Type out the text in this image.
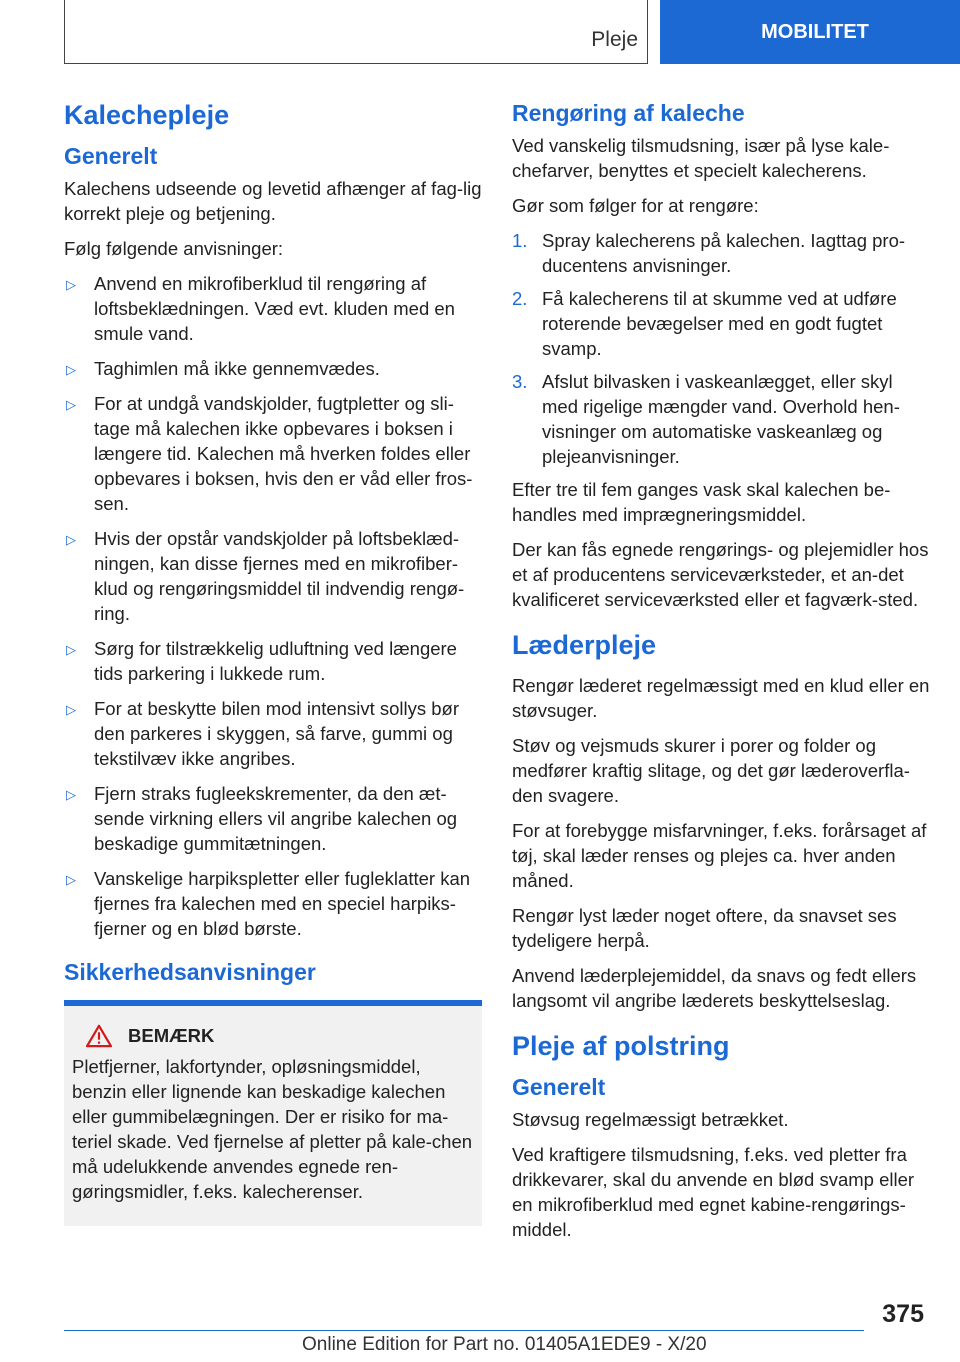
Pleje	MOBILITET
Kalechepleje
Generelt

Kalechens udseende og levetid afhænger af fag-lig korrekt pleje og betjening.

Følg følgende anvisninger:

▷ Anvend en mikrofiberklud til rengøring af loftsbeklædningen. Væd evt. kluden med en smule vand.
▷ Taghimlen må ikke gennemvædes.
▷ For at undgå vandskjolder, fugtpletter og sli-tage må kalechen ikke opbevares i boksen i længere tid. Kalechen må hverken foldes eller opbevares i boksen, hvis den er våd eller fros-sen.
▷ Hvis der opstår vandskjolder på loftsbeklæd-ningen, kan disse fjernes med en mikrofiber-klud og rengøringsmiddel til indvendig rengø-ring.
▷ Sørg for tilstrækkelig udluftning ved længere tids parkering i lukkede rum.
▷ For at beskytte bilen mod intensivt sollys bør den parkeres i skyggen, så farve, gummi og tekstilvæv ikke angribes.
▷ Fjern straks fugleekskrementer, da den æt-sende virkning ellers vil angribe kalechen og beskadige gummitætningen.
▷ Vanskelige harpikspletter eller fugleklatter kan fjernes fra kalechen med en speciel harpiks-fjerner og en blød børste.
Sikkerhedsanvisninger
BEMÆRK

Pletfjerner, lakfortynder, opløsningsmiddel, benzin eller lignende kan beskadige kalechen eller gummibelægningen. Der er risiko for ma-teriel skade. Ved fjernelse af pletter på kale-chen må udelukkende anvendes egnede ren-gøringsmidler, f.eks. kalecherenser.

Rengøring af kaleche

Ved vanskelig tilsmudsning, især på lyse kale-chefarver, benyttes et specielt kalecherens.

Gør som følger for at rengøre:

1. Spray kalecherens på kalechen. Iagttag pro-ducentens anvisninger.
2. Få kalecherens til at skumme ved at udføre roterende bevægelser med en godt fugtet svamp.
3. Afslut bilvasken i vaskeanlægget, eller skyl med rigelige mængder vand. Overhold hen-visninger om automatiske vaskeanlæg og plejeanvisninger.

Efter tre til fem ganges vask skal kalechen be-handles med imprægneringsmiddel.

Der kan fås egnede rengørings- og plejemidler hos et af producentens serviceværksteder, et an-det kvalificeret serviceværksted eller et fagværk-sted.

Læderpleje

Rengør læderet regelmæssigt med en klud eller en støvsuger.

Støv og vejsmuds skurer i porer og folder og medfører kraftig slitage, og det gør læderoverfla-den svagere.

For at forebygge misfarvninger, f.eks. forårsaget af tøj, skal læder renses og plejes ca. hver anden måned.

Rengør lyst læder noget oftere, da snavset ses tydeligere herpå.

Anvend læderplejemiddel, da snavs og fedt ellers langsomt vil angribe læderets beskyttelseslag.

Pleje af polstring
Generelt

Støvsug regelmæssigt betrækket.

Ved kraftigere tilsmudsning, f.eks. ved pletter fra drikkevarer, skal du anvende en blød svamp eller en mikrofiberklud med egnet kabine-rengørings-middel.

375
Online Edition for Part no. 01405A1EDE9 - X/20
